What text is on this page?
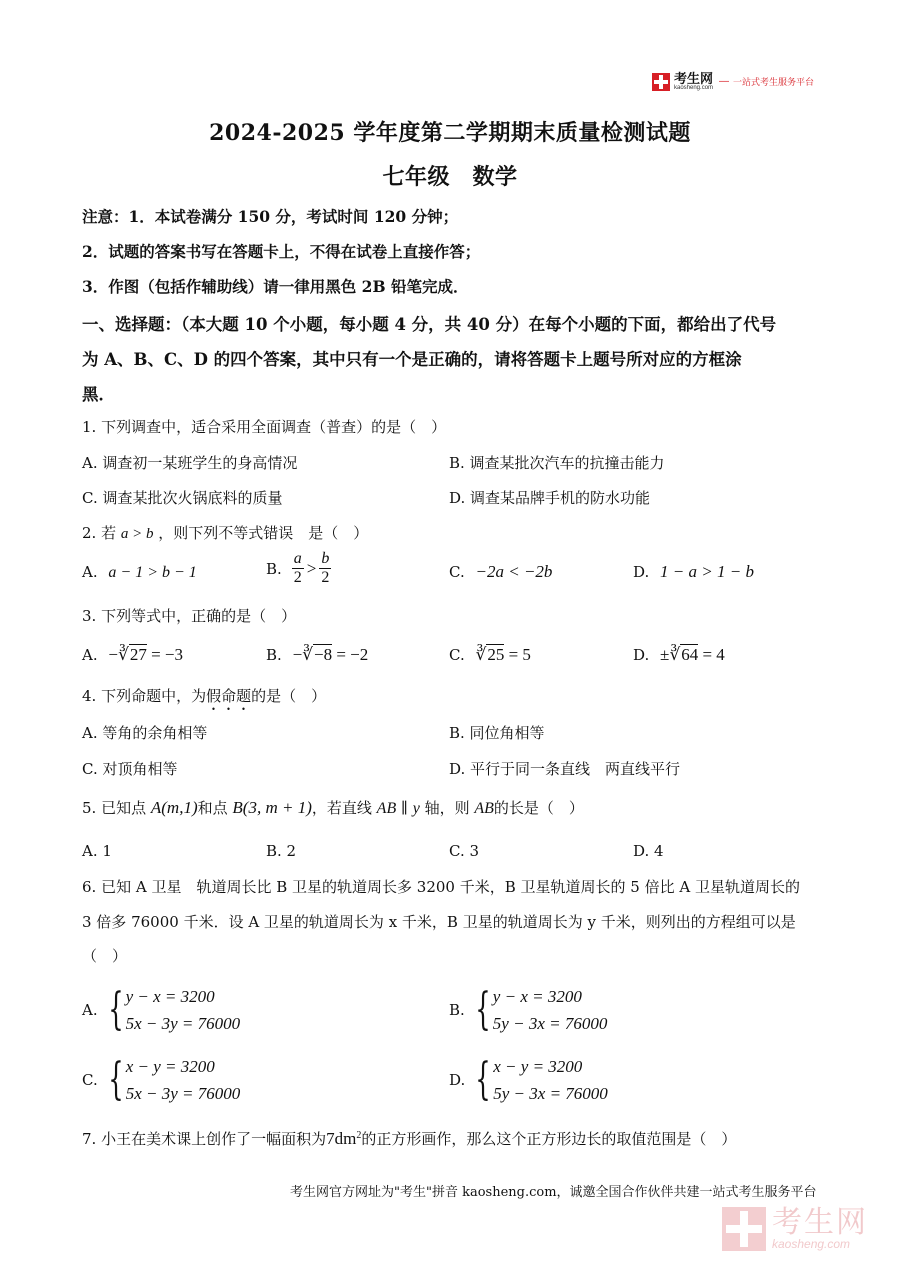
考生网
kaosheng.com
— 一站式考生服务平台
2024-2025 学年度第二学期期末质量检测试题
七年级　数学
注意：1．本试卷满分 150 分，考试时间 120 分钟；
2．试题的答案书写在答题卡上，不得在试卷上直接作答；
3．作图（包括作辅助线）请一律用黑色 2B 铅笔完成．
一、选择题：（本大题 10 个小题，每小题 4 分，共 40 分）在每个小题的下面，都给出了代号
为 A、B、C、D 的四个答案，其中只有一个是正确的，请将答题卡上题号所对应的方框涂
黑．
1. 下列调查中，适合采用全面调查（普查）的是（　）
A. 调查初一某班学生的身高情况	B. 调查某批次汽车的抗撞击能力
C. 调查某批次火锅底料的质量	D. 调查某品牌手机的防水功能
2. 若 a > b ，则下列不等式错误　是（　）
A. a − 1 > b − 1	B. $\frac{a}{2} > \frac{b}{2}$	C. −2a < −2b	D. 1 − a > 1 − b
3. 下列等式中，正确的是（　）
A. −∛27 = −3	B. −∛−8 = −2	C. ∛25 = 5	D. ±∛64 = 4
4. 下列命题中，为假命题的是（　）
A. 等角的余角相等	B. 同位角相等
C. 对顶角相等	D. 平行于同一条直线　两直线平行
5. 已知点 A(m,1)和点 B(3, m + 1)，若直线 AB ∥ y 轴，则 AB的长是（　）
A. 1	B. 2	C. 3	D. 4
6. 已知 A 卫星　轨道周长比 B 卫星的轨道周长多 3200 千米，B 卫星轨道周长的 5 倍比 A 卫星轨道周长的
3 倍多 76000 千米．设 A 卫星的轨道周长为 x 千米，B 卫星的轨道周长为 y 千米，则列出的方程组可以是
（　）
A. { y − x = 3200
5x − 3y = 76000
B. { y − x = 3200
5y − 3x = 76000
C. { x − y = 3200
5x − 3y = 76000
D. { x − y = 3200
5y − 3x = 76000
7. 小王在美术课上创作了一幅面积为$7dm^2$的正方形画作，那么这个正方形边长的取值范围是（　）
考生网官方网址为"考生"拼音 kaosheng.com，诚邀全国合作伙伴共建一站式考生服务平台
考生网
kaosheng.com
